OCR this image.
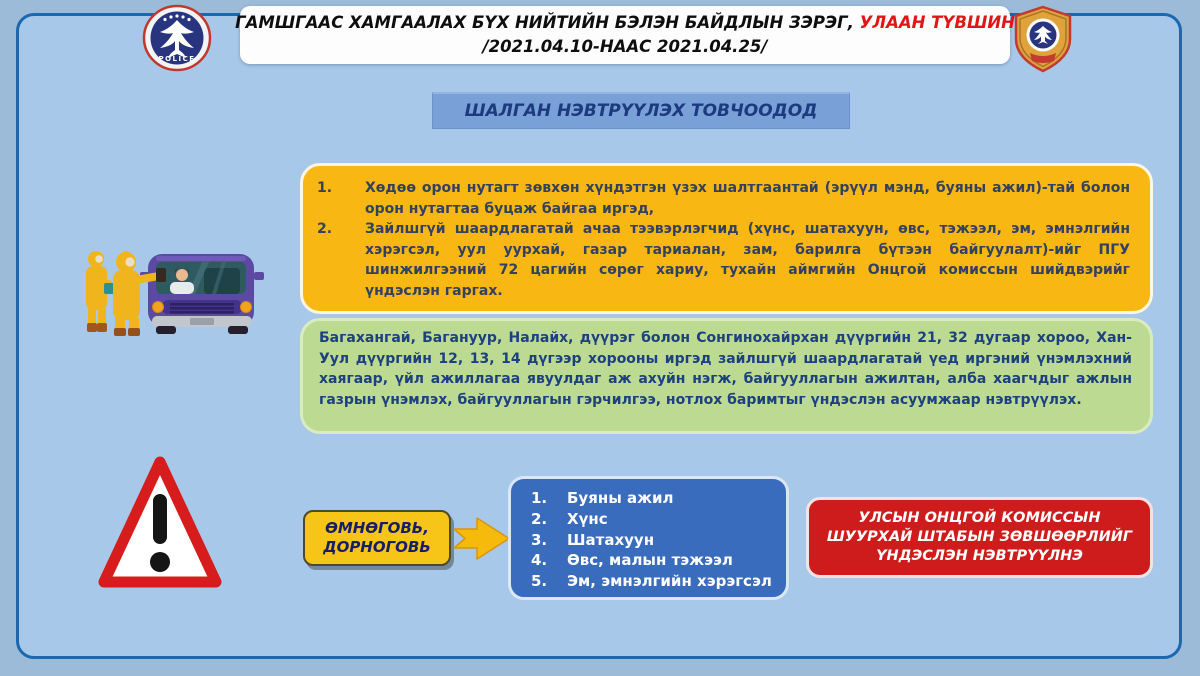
POLICE
ГАМШГААС ХАМГААЛАХ БҮХ НИЙТИЙН БЭЛЭН БАЙДЛЫН ЗЭРЭГ, УЛААН ТҮВШИН
/2021.04.10-НААС 2021.04.25/
ШАЛГАН НЭВТРҮҮЛЭХ ТОВЧООДОД
1.	Хөдөө орон нутагт зөвхөн хүндэтгэн үзэх шалтгаантай (эрүүл мэнд, буяны ажил)-тай болон орон нутагтаа буцаж байгаа иргэд,
2.	Зайлшгүй шаардлагатай ачаа тээвэрлэгчид (хүнс, шатахуун, өвс, тэжээл, эм, эмнэлгийн хэрэгсэл, уул уурхай, газар тариалан, зам, барилга бүтээн байгуулалт)-ийг ПГУ шинжилгээний 72 цагийн сөрөг хариу, тухайн аймгийн Онцгой комиссын шийдвэрийг үндэслэн гаргах.
Багахангай, Багануур, Налайх, дүүрэг болон Сонгинохайрхан дүүргийн 21, 32 дугаар хороо, Хан-Уул дүүргийн 12, 13, 14 дүгээр хорооны иргэд зайлшгүй шаардлагатай үед иргэний үнэмлэхний хаягаар, үйл ажиллагаа явуулдаг аж ахуйн нэгж, байгууллагын ажилтан, алба хаагчдыг ажлын газрын үнэмлэх, байгууллагын гэрчилгээ, нотлох баримтыг үндэслэн асуумжаар нэвтрүүлэх.
ӨМНӨГОВЬ,
ДОРНОГОВЬ
1.	Буяны ажил
2.	Хүнс
3.	Шатахуун
4.	Өвс, малын тэжээл
5.	Эм, эмнэлгийн хэрэгсэл
УЛСЫН ОНЦГОЙ КОМИССЫН
ШУУРХАЙ ШТАБЫН ЗӨВШӨӨРЛИЙГ
ҮНДЭСЛЭН НЭВТРҮҮЛНЭ
